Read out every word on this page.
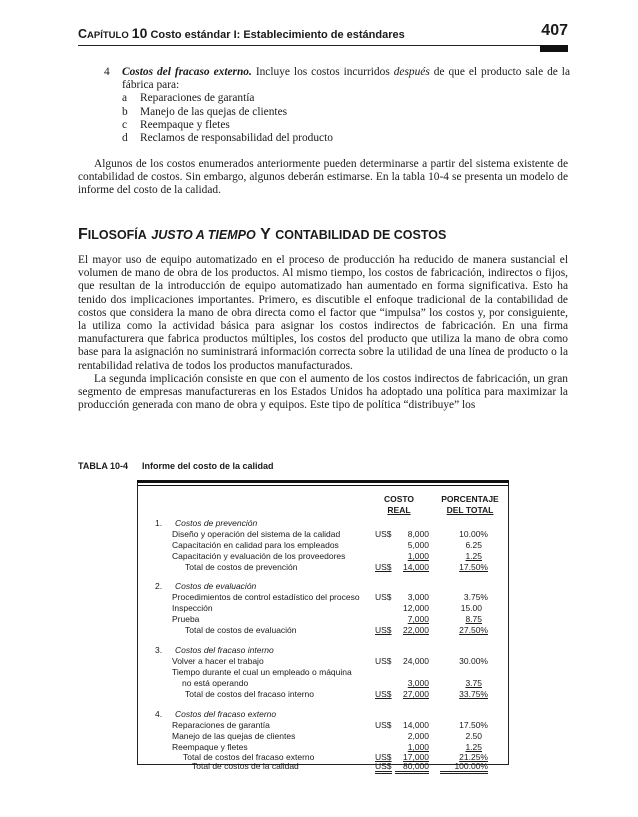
CAPÍTULO 10 Costo estándar I: Establecimiento de estándares	407
4 Costos del fracaso externo. Incluye los costos incurridos después de que el producto sale de la fábrica para:
a Reparaciones de garantía
b Manejo de las quejas de clientes
c Reempaque y fletes
d Reclamos de responsabilidad del producto

Algunos de los costos enumerados anteriormente pueden determinarse a partir del sistema existente de contabilidad de costos. Sin embargo, algunos deberán estimarse. En la tabla 10-4 se presenta un modelo de informe del costo de la calidad.

FILOSOFÍA JUSTO A TIEMPO Y CONTABILIDAD DE COSTOS

El mayor uso de equipo automatizado en el proceso de producción ha reducido de manera sustancial el volumen de mano de obra de los productos. Al mismo tiempo, los costos de fabricación, indirectos o fijos, que resultan de la introducción de equipo automatizado han aumentado en forma significativa. Esto ha tenido dos implicaciones importantes. Primero, es discutible el enfoque tradicional de la contabilidad de costos que considera la mano de obra directa como el factor que “impulsa” los costos y, por consiguiente, la utiliza como la actividad básica para asignar los costos indirectos de fabricación. En una firma manufacturera que fabrica productos múltiples, los costos del producto que utiliza la mano de obra como base para la asignación no suministrará información correcta sobre la utilidad de una línea de producto o la rentabilidad relativa de todos los productos manufacturados.

La segunda implicación consiste en que con el aumento de los costos indirectos de fabricación, un gran segmento de empresas manufactureras en los Estados Unidos ha adoptado una política para maximizar la producción generada con mano de obra y equipos. Este tipo de política “distribuye” los

TABLA 10-4 Informe del costo de la calidad
COSTO
REAL
PORCENTAJE
DEL TOTAL
1. Costos de prevención
Diseño y operación del sistema de la calidad	US$	8,000	10.00%
Capacitación en calidad para los empleados	5,000	6.25
Capacitación y evaluación de los proveedores	1,000	1.25
Total de costos de prevención	US$	14,000	17.50%
2. Costos de evaluación
Procedimientos de control estadístico del proceso US$	3,000	3.75%
Inspección	12,000	15.00
Prueba	7,000	8.75
Total de costos de evaluación	US$	22,000	27.50%
3. Costos del fracaso interno
Volver a hacer el trabajo	US$	24,000	30.00%
Tiempo durante el cual un empleado o máquina
no está operando	3,000	3.75
Total de costos del fracaso interno	US$	27,000	33.75%
4. Costos del fracaso externo
Reparaciones de garantía	US$	14,000	17.50%
Manejo de las quejas de clientes	2,000	2.50
Reempaque y fletes	1,000	1.25
Total de costos del fracaso externo	US$	17,000	21.25%
Total de costos de la calidad	US$	80,000	100.00%
